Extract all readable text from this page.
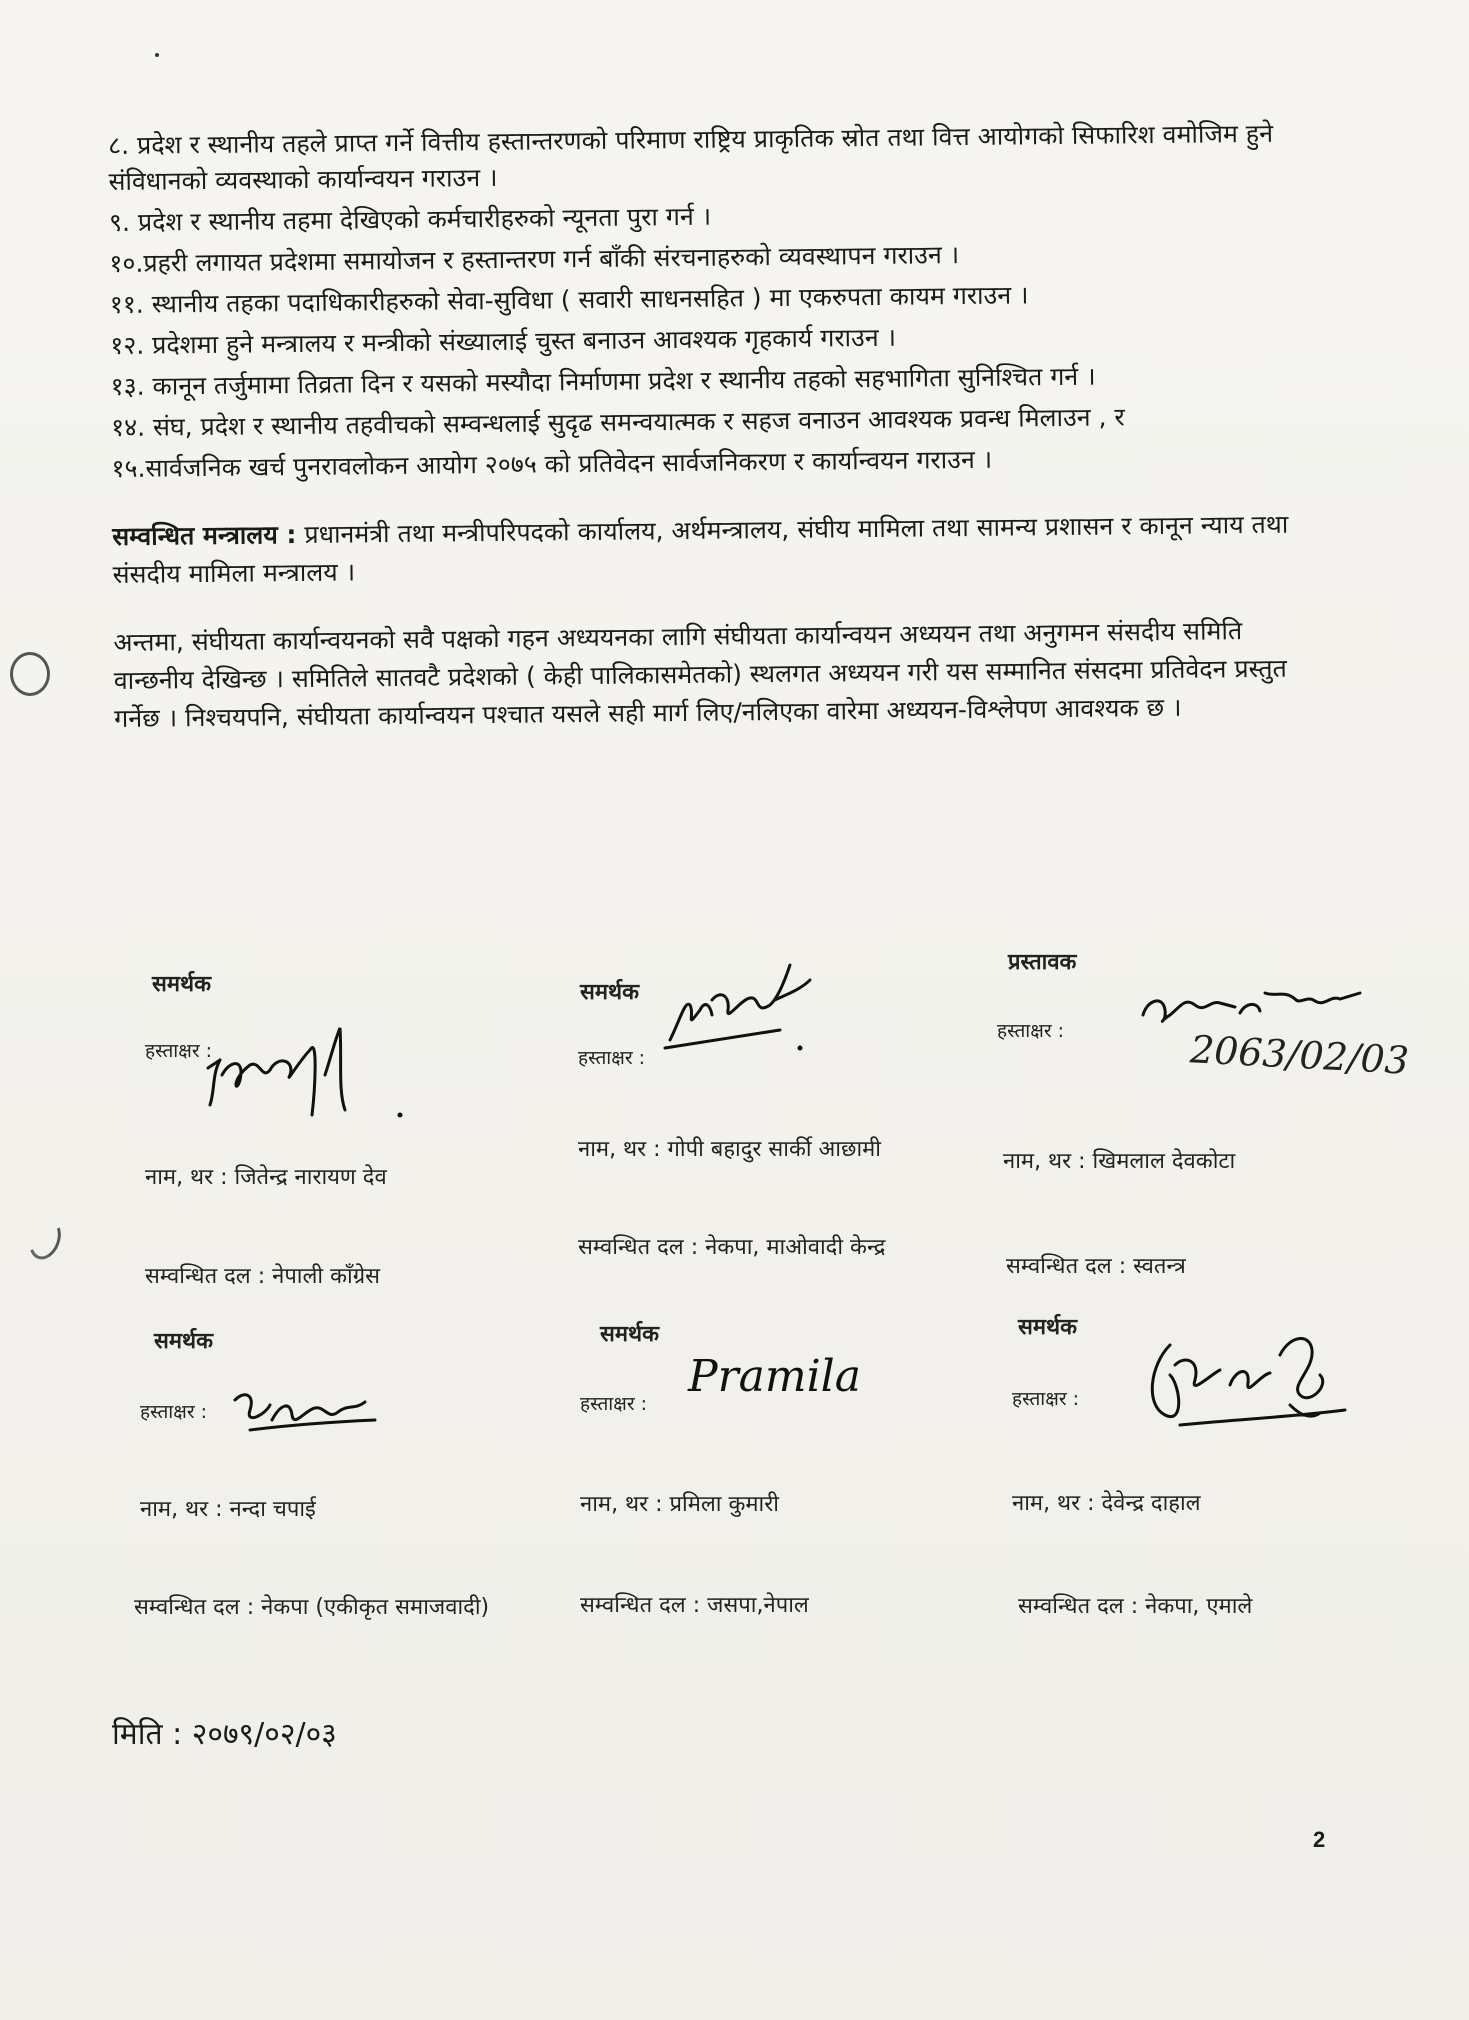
८. प्रदेश र स्थानीय तहले प्राप्त गर्ने वित्तीय हस्तान्तरणको परिमाण राष्ट्रिय प्राकृतिक स्रोत तथा वित्त आयोगको सिफारिश वमोजिम हुने संविधानको व्यवस्थाको कार्यान्वयन गराउन ।

९. प्रदेश र स्थानीय तहमा देखिएको कर्मचारीहरुको न्यूनता पुरा गर्न ।

१०.प्रहरी लगायत प्रदेशमा समायोजन र हस्तान्तरण गर्न बाँकी संरचनाहरुको व्यवस्थापन गराउन ।

११. स्थानीय तहका पदाधिकारीहरुको सेवा-सुविधा ( सवारी साधनसहित ) मा एकरुपता कायम गराउन ।

१२. प्रदेशमा हुने मन्त्रालय र मन्त्रीको संख्यालाई चुस्त बनाउन आवश्यक गृहकार्य गराउन ।

१३. कानून तर्जुमामा तिव्रता दिन र यसको मस्यौदा निर्माणमा प्रदेश र स्थानीय तहको सहभागिता सुनिश्चित गर्न ।

१४. संघ, प्रदेश र स्थानीय तहवीचको सम्वन्धलाई सुदृढ समन्वयात्मक र सहज वनाउन आवश्यक प्रवन्ध मिलाउन , र

१५.सार्वजनिक खर्च पुनरावलोकन आयोग २०७५ को प्रतिवेदन सार्वजनिकरण र कार्यान्वयन गराउन ।

सम्वन्धित मन्त्रालय : प्रधानमंत्री तथा मन्त्रीपरिपदको कार्यालय, अर्थमन्त्रालय, संघीय मामिला तथा सामन्य प्रशासन र कानून न्याय तथा संसदीय मामिला मन्त्रालय ।

अन्तमा, संघीयता कार्यान्वयनको सवै पक्षको गहन अध्ययनका लागि संघीयता कार्यान्वयन अध्ययन तथा अनुगमन संसदीय समिति वान्छनीय देखिन्छ । समितिले सातवटै प्रदेशको ( केही पालिकासमेतको) स्थलगत अध्ययन गरी यस सम्मानित संसदमा प्रतिवेदन प्रस्तुत गर्नेछ । निश्चयपनि, संघीयता कार्यान्वयन पश्चात यसले सही मार्ग लिए/नलिएका वारेमा अध्ययन-विश्लेपण आवश्यक छ ।

समर्थक
हस्ताक्षर :
नाम, थर : जितेन्द्र नारायण देव
सम्वन्धित दल : नेपाली काँग्रेस
समर्थक
हस्ताक्षर :
नाम, थर : गोपी बहादुर सार्की आछामी
सम्वन्धित दल : नेकपा, माओवादी केन्द्र
प्रस्तावक
हस्ताक्षर :	2063/02/03
नाम, थर : खिमलाल देवकोटा
सम्वन्धित दल : स्वतन्त्र
समर्थक
हस्ताक्षर :
नाम, थर : नन्दा चपाई
सम्वन्धित दल : नेकपा (एकीकृत समाजवादी)
समर्थक
हस्ताक्षर :
Pramila
नाम, थर : प्रमिला कुमारी
सम्वन्धित दल : जसपा,नेपाल
समर्थक
हस्ताक्षर :
नाम, थर : देवेन्द्र दाहाल
सम्वन्धित दल : नेकपा, एमाले
मिति : २०७९/०२/०३
2
